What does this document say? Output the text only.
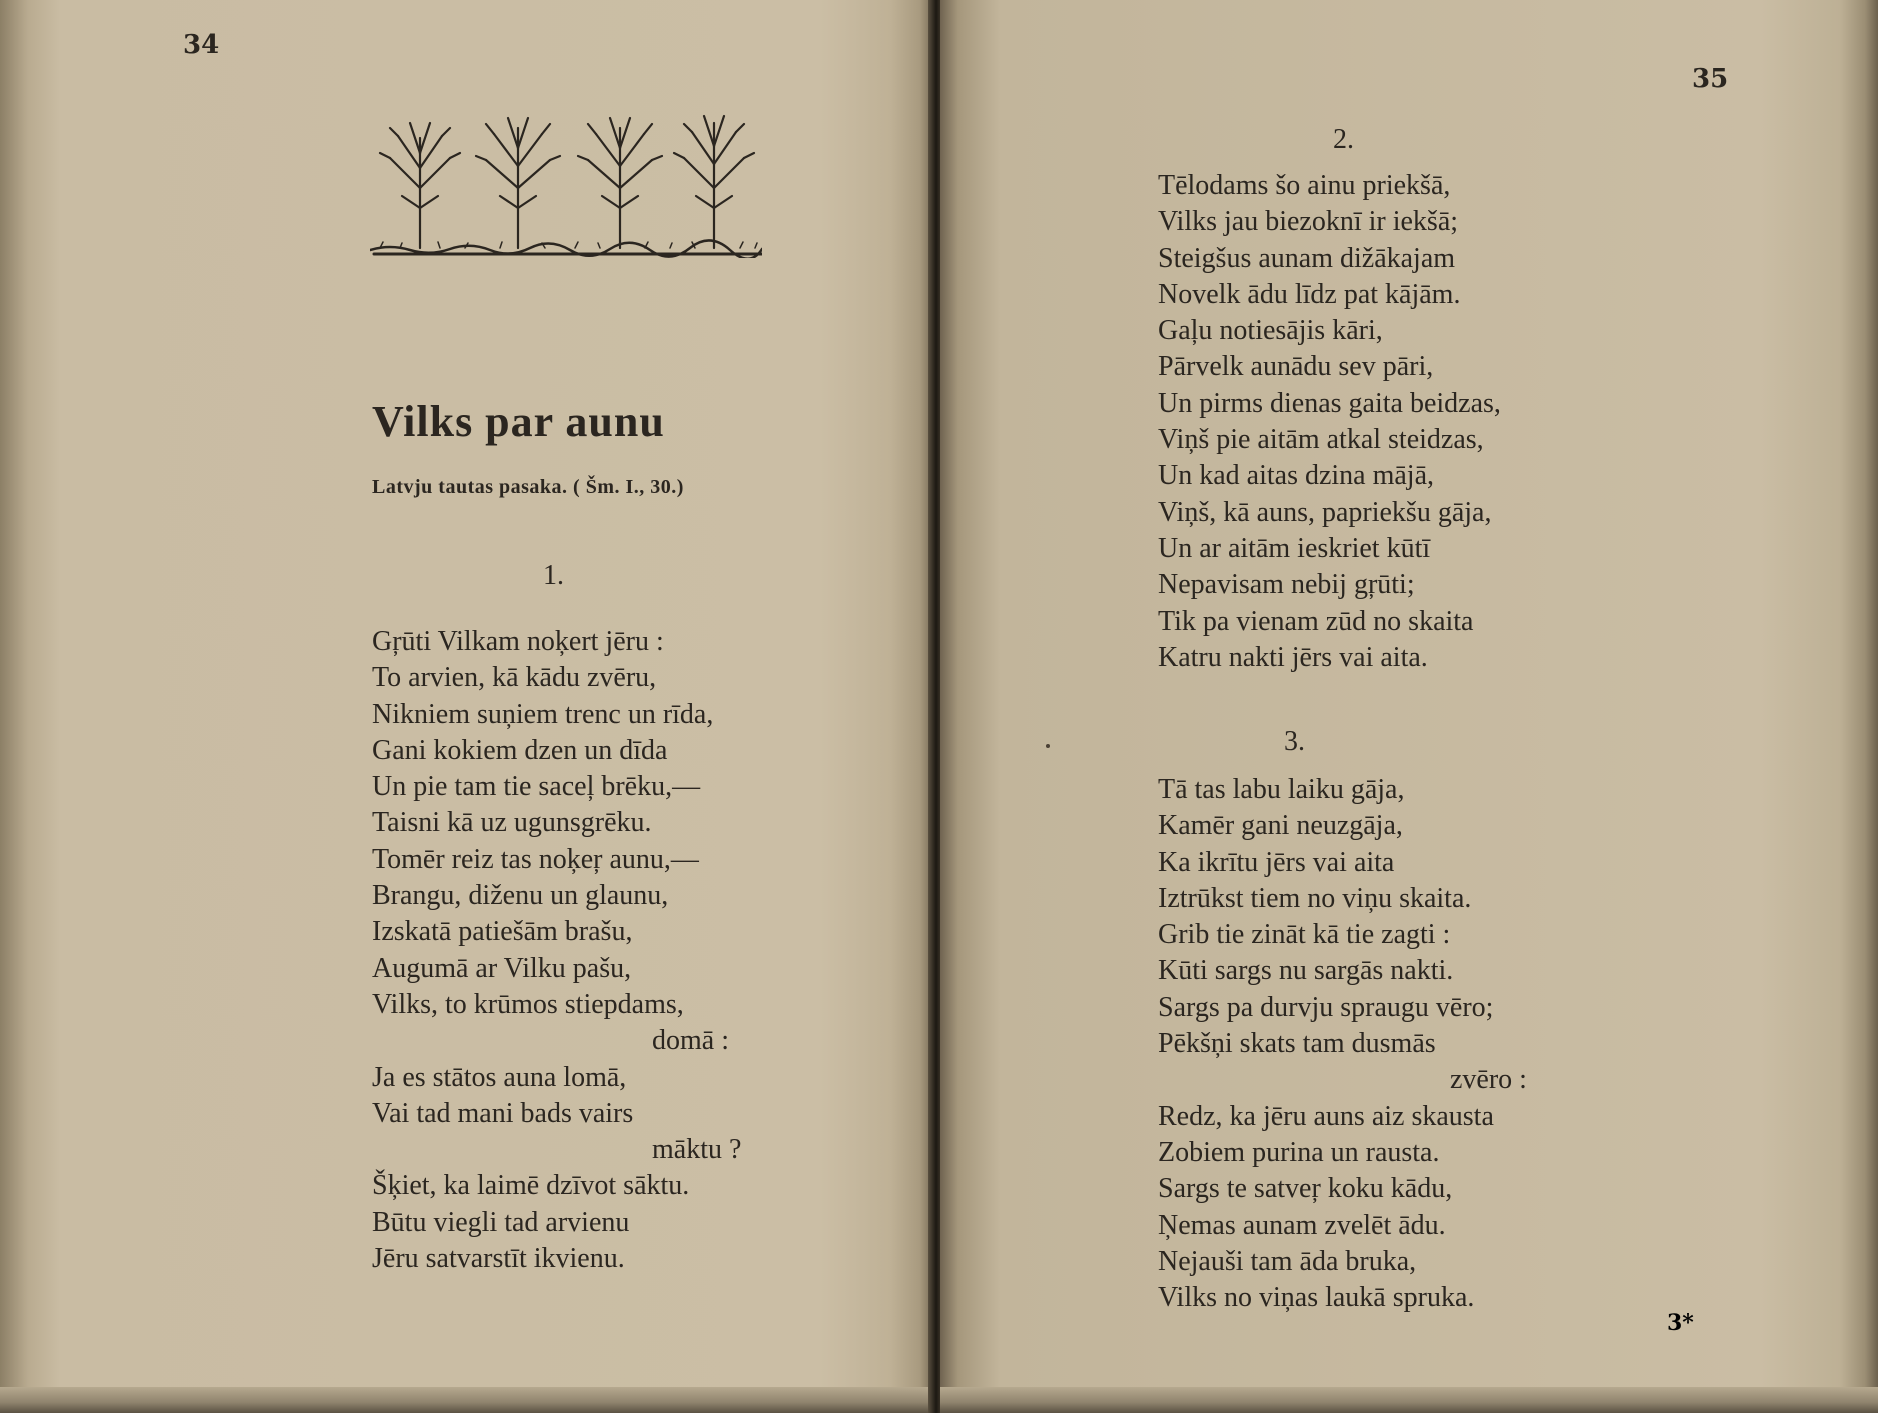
34
Vilks par aunu
Latvju tautas pasaka. ( Šm. I., 30.)
1.
Gŗūti Vilkam noķert jēru :
To arvien, kā kādu zvēru,
Nikniem suņiem trenc un rīda,
Gani kokiem dzen un dīda
Un pie tam tie saceļ brēku,—
Taisni kā uz ugunsgrēku.
Tomēr reiz tas noķeŗ aunu,—
Brangu, diženu un glaunu,
Izskatā patiešām brašu,
Augumā ar Vilku pašu,
Vilks, to krūmos stiepdams,
domā :
Ja es stātos auna lomā,
Vai tad mani bads vairs
māktu ?
Šķiet, ka laimē dzīvot sāktu.
Būtu viegli tad arvienu
Jēru satvarstīt ikvienu.
35
2.
Tēlodams šo ainu priekšā,
Vilks jau biezoknī ir iekšā;
Steigšus aunam dižākajam
Novelk ādu līdz pat kājām.
Gaļu notiesājis kāri,
Pārvelk aunādu sev pāri,
Un pirms dienas gaita beidzas,
Viņš pie aitām atkal steidzas,
Un kad aitas dzina mājā,
Viņš, kā auns, papriekšu gāja,
Un ar aitām ieskriet kūtī
Nepavisam nebij gŗūti;
Tik pa vienam zūd no skaita
Katru nakti jērs vai aita.
3.
Tā tas labu laiku gāja,
Kamēr gani neuzgāja,
Ka ikrītu jērs vai aita
Iztrūkst tiem no viņu skaita.
Grib tie zināt kā tie zagti :
Kūti sargs nu sargās nakti.
Sargs pa durvju spraugu vēro;
Pēkšņi skats tam dusmās
zvēro :
Redz, ka jēru auns aiz skausta
Zobiem purina un rausta.
Sargs te satveŗ koku kādu,
Ņemas aunam zvelēt ādu.
Nejauši tam āda bruka,
Vilks no viņas laukā spruka.
3*
